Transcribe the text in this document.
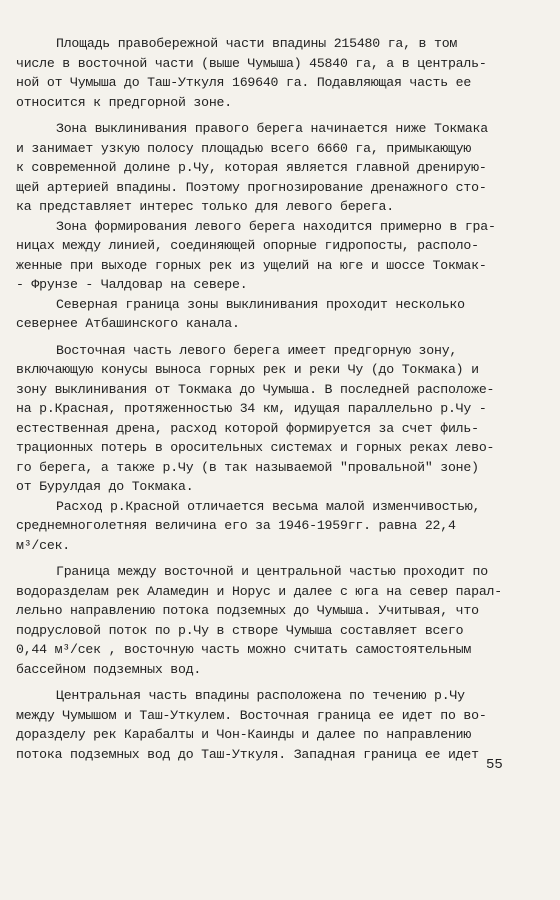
Площадь правобережной части впадины 215480 га, в том
числе в восточной части (выше Чумыша) 45840 га, а в централь-
ной от Чумыша до Таш-Уткуля 169640 га. Подавляющая часть ее
относится к предгорной зоне.
Зона выклинивания правого берега начинается ниже Токмака
и занимает узкую полосу площадью всего 6660 га, примыкающую
к современной долине р.Чу, которая является главной дренирую-
щей артерией впадины. Поэтому прогнозирование дренажного сто-
ка представляет интерес только для левого берега.
Зона формирования левого берега находится примерно в гра-
ницах между линией, соединяющей опорные гидропосты, располо-
женные при выходе горных рек из ущелий на юге и шоссе Токмак-
- Фрунзе - Чалдовар на севере.
Северная граница зоны выклинивания проходит несколько
севернее Атбашинского канала.
Восточная часть левого берега имеет предгорную зону,
включающую конусы выноса горных рек и реки Чу (до Токмака) и
зону выклинивания от Токмака до Чумыша. В последней расположе-
на р.Красная, протяженностью 34 км, идущая параллельно р.Чу -
естественная дрена, расход которой формируется за счет филь-
трационных потерь в оросительных системах и горных реках лево-
го берега, а также р.Чу (в так называемой "провальной" зоне)
от Бурулдая до Токмака.
Расход р.Красной отличается весьма малой изменчивостью,
среднемноголетняя величина его за 1946-1959гг. равна 22,4
м³/сек.
Граница между восточной и центральной частью проходит по
водоразделам рек Аламедин и Норус и далее с юга на север парал-
лельно направлению потока подземных до Чумыша. Учитывая, что
подрусловой поток по р.Чу в створе Чумыша составляет всего
0,44 м³/сек , восточную часть можно считать самостоятельным
бассейном подземных вод.
Центральная часть впадины расположена по течению р.Чу
между Чумышом и Таш-Уткулем. Восточная граница ее идет по во-
доразделу рек Карабалты и Чон-Каинды и далее по направлению
потока подземных вод до Таш-Уткуля. Западная граница ее идет
55
